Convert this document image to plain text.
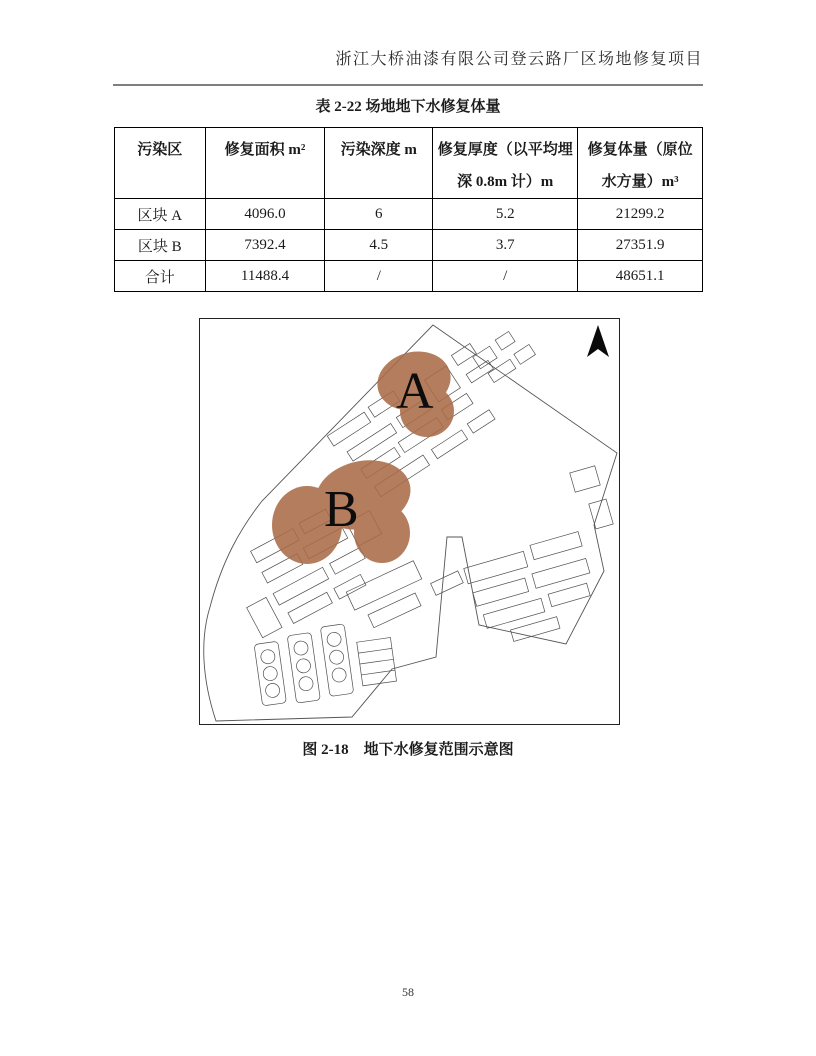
浙江大桥油漆有限公司登云路厂区场地修复项目
表 2-22 场地地下水修复体量
污染区	修复面积 m²	污染深度 m	修复厚度（以平均埋深 0.8m 计）m	修复体量（原位水方量）m³
区块 A	4096.0	6	5.2	21299.2
区块 B	7392.4	4.5	3.7	27351.9
合计	11488.4	/	/	48651.1
A
B
图 2-18　地下水修复范围示意图
58
